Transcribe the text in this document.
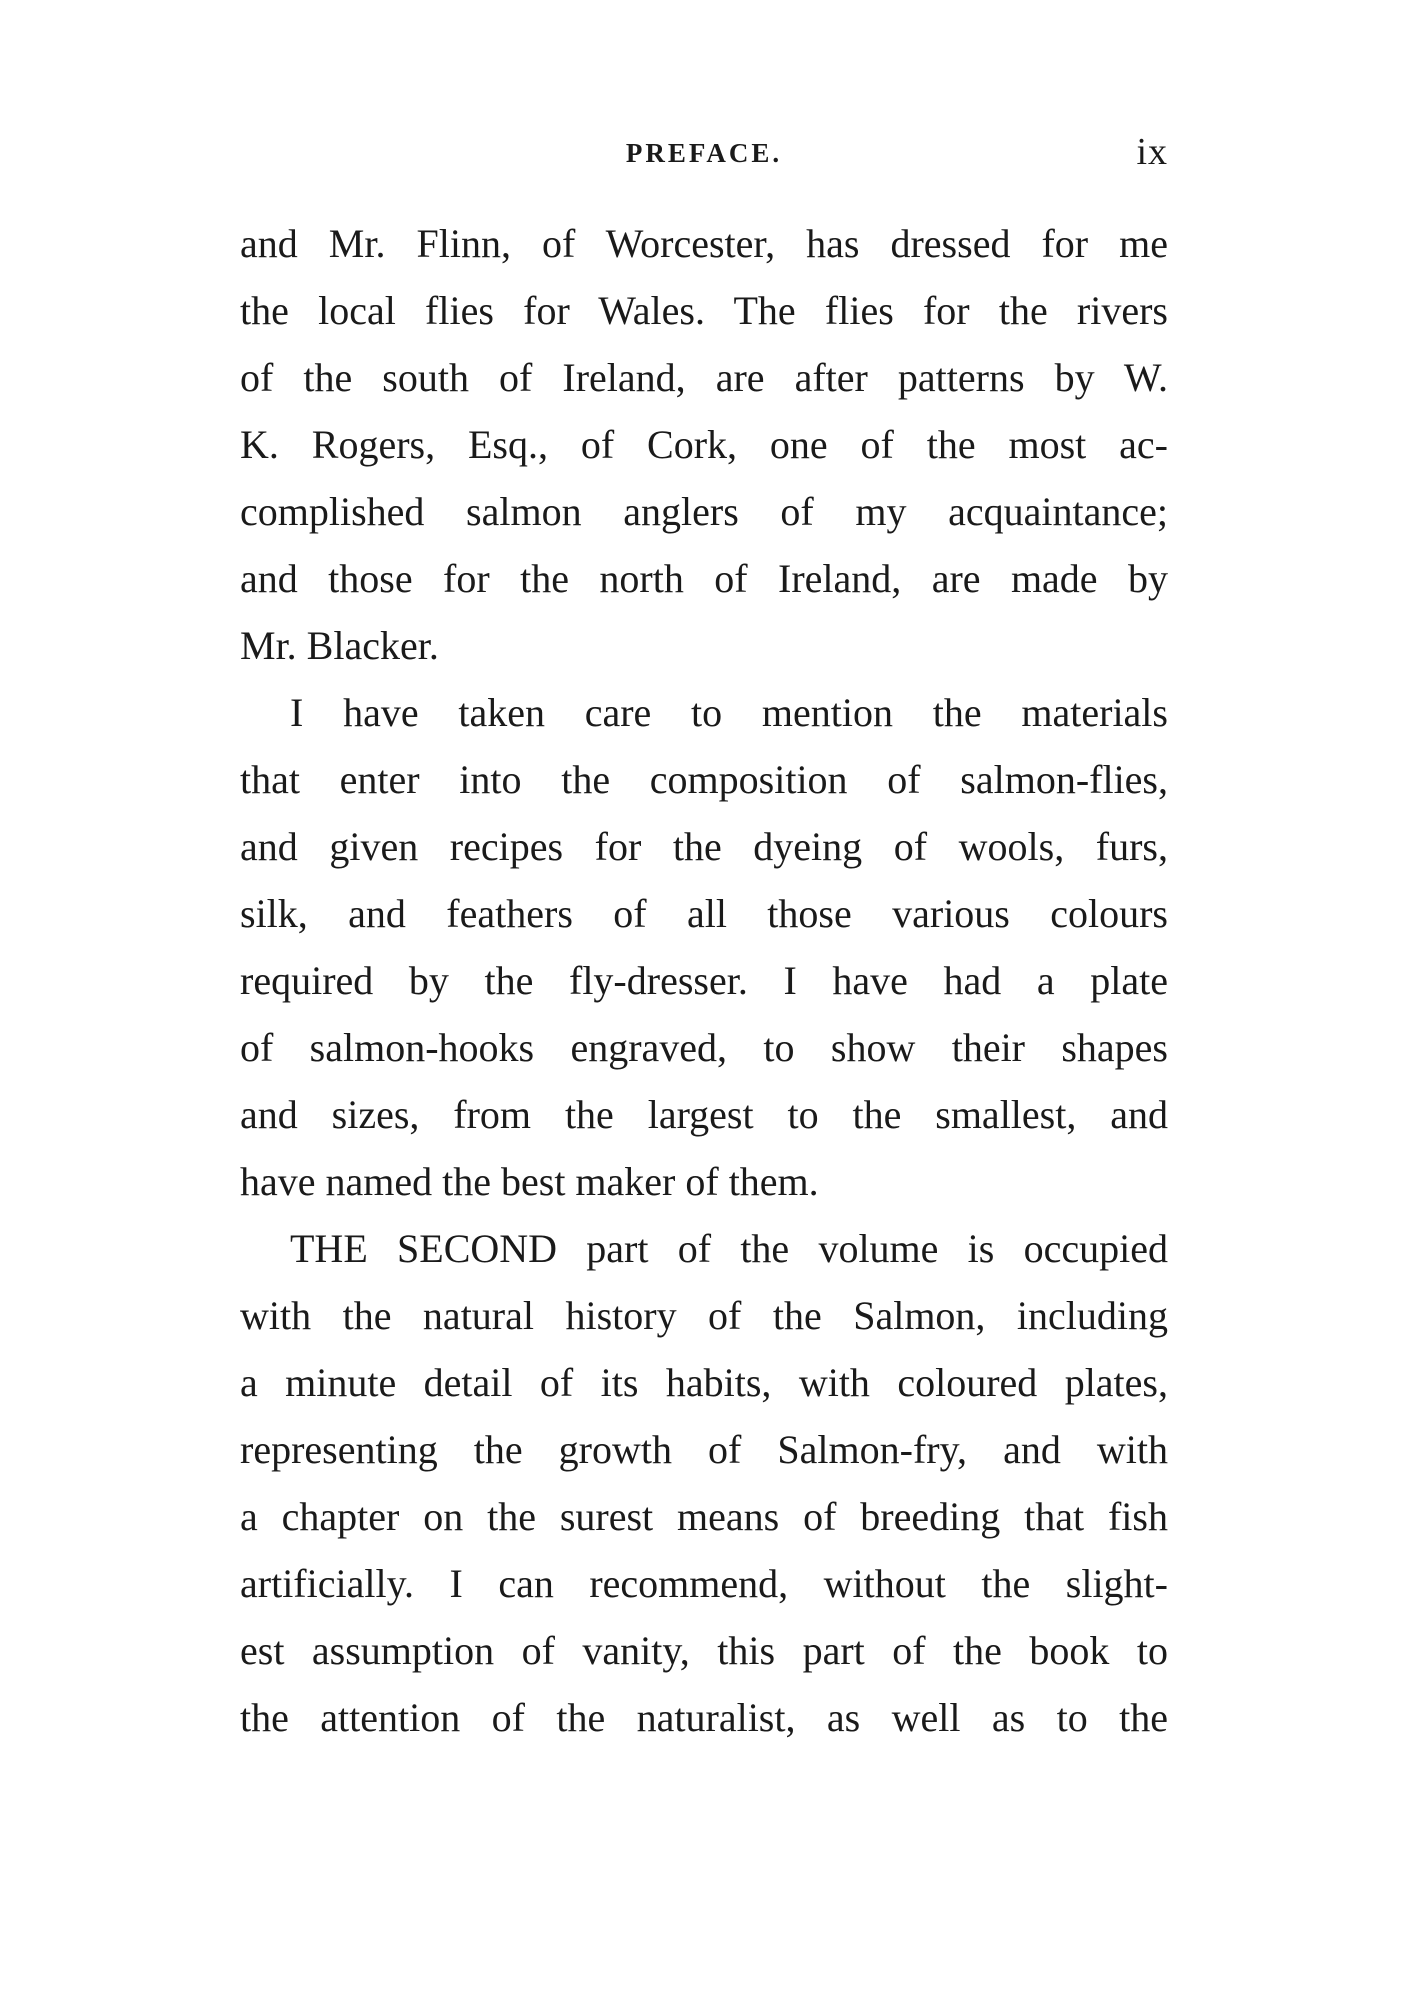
PREFACE.	ix
and Mr. Flinn, of Worcester, has dressed for me
the local flies for Wales. The flies for the rivers
of the south of Ireland, are after patterns by W.
K. Rogers, Esq., of Cork, one of the most ac-
complished salmon anglers of my acquaintance;
and those for the north of Ireland, are made by
Mr. Blacker.
I have taken care to mention the materials
that enter into the composition of salmon-flies,
and given recipes for the dyeing of wools, furs,
silk, and feathers of all those various colours
required by the fly-dresser. I have had a plate
of salmon-hooks engraved, to show their shapes
and sizes, from the largest to the smallest, and
have named the best maker of them.
THE SECOND part of the volume is occupied
with the natural history of the Salmon, including
a minute detail of its habits, with coloured plates,
representing the growth of Salmon-fry, and with
a chapter on the surest means of breeding that fish
artificially. I can recommend, without the slight-
est assumption of vanity, this part of the book to
the attention of the naturalist, as well as to the
